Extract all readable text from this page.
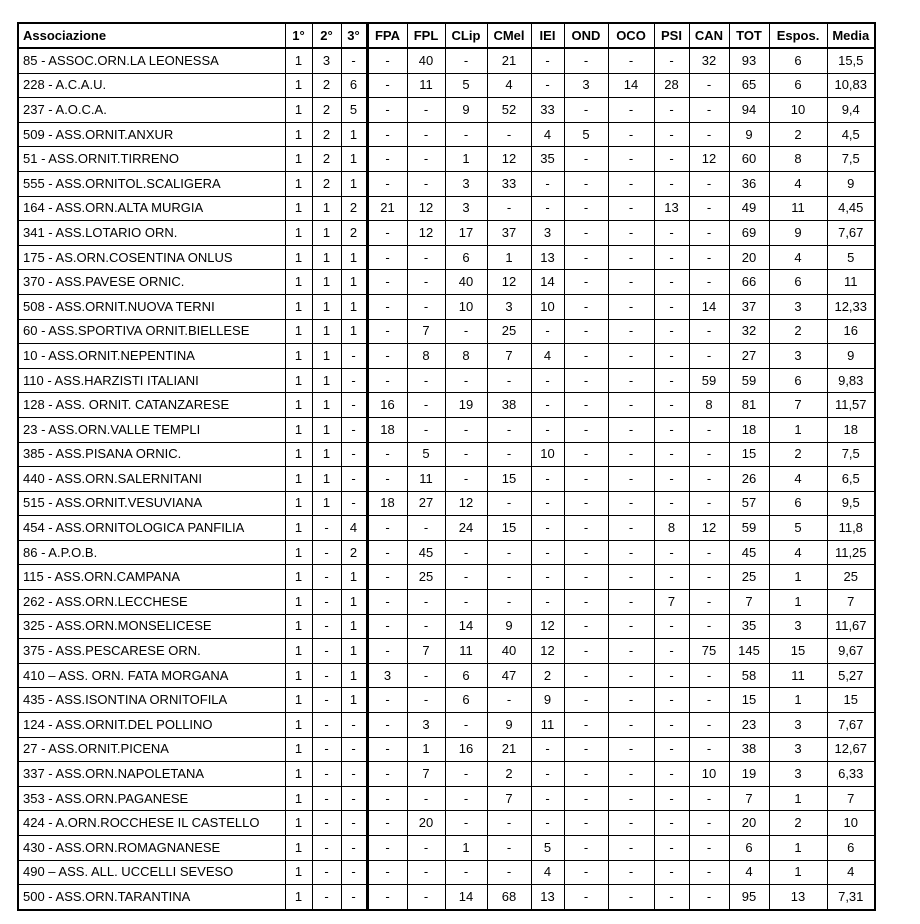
Associazione	1°	2°	3°	FPA	FPL	CLip	CMel	IEI	OND	OCO	PSI	CAN	TOT	Espos.	Media
85 - ASSOC.ORN.LA LEONESSA	1	3	-	-	40	-	21	-	-	-	-	32	93	6	15,5
228 - A.C.A.U.	1	2	6	-	11	5	4	-	3	14	28	-	65	6	10,83
237 - A.O.C.A.	1	2	5	-	-	9	52	33	-	-	-	-	94	10	9,4
509 - ASS.ORNIT.ANXUR	1	2	1	-	-	-	-	4	5	-	-	-	9	2	4,5
51 - ASS.ORNIT.TIRRENO	1	2	1	-	-	1	12	35	-	-	-	12	60	8	7,5
555 - ASS.ORNITOL.SCALIGERA	1	2	1	-	-	3	33	-	-	-	-	-	36	4	9
164 - ASS.ORN.ALTA MURGIA	1	1	2	21	12	3	-	-	-	-	13	-	49	11	4,45
341 - ASS.LOTARIO ORN.	1	1	2	-	12	17	37	3	-	-	-	-	69	9	7,67
175 - AS.ORN.COSENTINA ONLUS	1	1	1	-	-	6	1	13	-	-	-	-	20	4	5
370 - ASS.PAVESE ORNIC.	1	1	1	-	-	40	12	14	-	-	-	-	66	6	11
508 - ASS.ORNIT.NUOVA TERNI	1	1	1	-	-	10	3	10	-	-	-	14	37	3	12,33
60 - ASS.SPORTIVA ORNIT.BIELLESE	1	1	1	-	7	-	25	-	-	-	-	-	32	2	16
10 - ASS.ORNIT.NEPENTINA	1	1	-	-	8	8	7	4	-	-	-	-	27	3	9
110 - ASS.HARZISTI ITALIANI	1	1	-	-	-	-	-	-	-	-	-	59	59	6	9,83
128 - ASS. ORNIT. CATANZARESE	1	1	-	16	-	19	38	-	-	-	-	8	81	7	11,57
23 - ASS.ORN.VALLE TEMPLI	1	1	-	18	-	-	-	-	-	-	-	-	18	1	18
385 - ASS.PISANA ORNIC.	1	1	-	-	5	-	-	10	-	-	-	-	15	2	7,5
440 - ASS.ORN.SALERNITANI	1	1	-	-	11	-	15	-	-	-	-	-	26	4	6,5
515 - ASS.ORNIT.VESUVIANA	1	1	-	18	27	12	-	-	-	-	-	-	57	6	9,5
454 - ASS.ORNITOLOGICA PANFILIA	1	-	4	-	-	24	15	-	-	-	8	12	59	5	11,8
86 - A.P.O.B.	1	-	2	-	45	-	-	-	-	-	-	-	45	4	11,25
115 - ASS.ORN.CAMPANA	1	-	1	-	25	-	-	-	-	-	-	-	25	1	25
262 - ASS.ORN.LECCHESE	1	-	1	-	-	-	-	-	-	-	7	-	7	1	7
325 - ASS.ORN.MONSELICESE	1	-	1	-	-	14	9	12	-	-	-	-	35	3	11,67
375 - ASS.PESCARESE ORN.	1	-	1	-	7	11	40	12	-	-	-	75	145	15	9,67
410 – ASS. ORN. FATA MORGANA	1	-	1	3	-	6	47	2	-	-	-	-	58	11	5,27
435 - ASS.ISONTINA ORNITOFILA	1	-	1	-	-	6	-	9	-	-	-	-	15	1	15
124 - ASS.ORNIT.DEL POLLINO	1	-	-	-	3	-	9	11	-	-	-	-	23	3	7,67
27 - ASS.ORNIT.PICENA	1	-	-	-	1	16	21	-	-	-	-	-	38	3	12,67
337 - ASS.ORN.NAPOLETANA	1	-	-	-	7	-	2	-	-	-	-	10	19	3	6,33
353 - ASS.ORN.PAGANESE	1	-	-	-	-	-	7	-	-	-	-	-	7	1	7
424 - A.ORN.ROCCHESE IL CASTELLO	1	-	-	-	20	-	-	-	-	-	-	-	20	2	10
430 - ASS.ORN.ROMAGNANESE	1	-	-	-	-	1	-	5	-	-	-	-	6	1	6
490 – ASS. ALL. UCCELLI SEVESO	1	-	-	-	-	-	-	4	-	-	-	-	4	1	4
500 - ASS.ORN.TARANTINA	1	-	-	-	-	14	68	13	-	-	-	-	95	13	7,31
